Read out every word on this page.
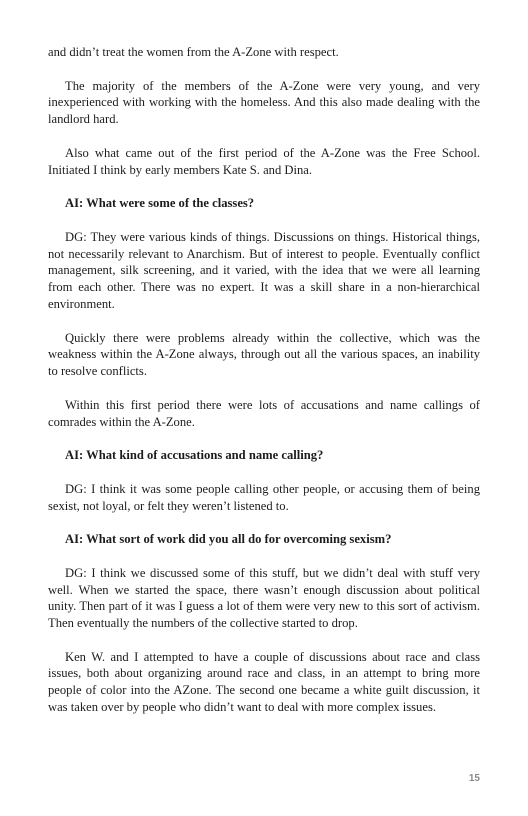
and didn’t treat the women from the A-Zone with respect.

The majority of the members of the A-Zone were very young, and very inexperienced with working with the homeless. And this also made dealing with the landlord hard.

Also what came out of the first period of the A-Zone was the Free School. Initiated I think by early members Kate S. and Dina.

AI: What were some of the classes?

DG: They were various kinds of things. Discussions on things. Historical things, not necessarily relevant to Anarchism. But of interest to people. Eventually conflict management, silk screening, and it varied, with the idea that we were all learning from each other. There was no expert. It was a skill share in a non-hierarchical environment.

Quickly there were problems already within the collective, which was the weakness within the A-Zone always, through out all the various spaces, an inability to resolve conflicts.

Within this first period there were lots of accusations and name callings of comrades within the A-Zone.

AI: What kind of accusations and name calling?

DG: I think it was some people calling other people, or accusing them of being sexist, not loyal, or felt they weren’t listened to.

AI: What sort of work did you all do for overcoming sexism?

DG: I think we discussed some of this stuff, but we didn’t deal with stuff very well. When we started the space, there wasn’t enough discussion about political unity. Then part of it was I guess a lot of them were very new to this sort of activism. Then eventually the numbers of the collective started to drop.

Ken W. and I attempted to have a couple of discussions about race and class issues, both about organizing around race and class, in an attempt to bring more people of color into the AZone. The second one became a white guilt discussion, it was taken over by people who didn’t want to deal with more complex issues.

15
